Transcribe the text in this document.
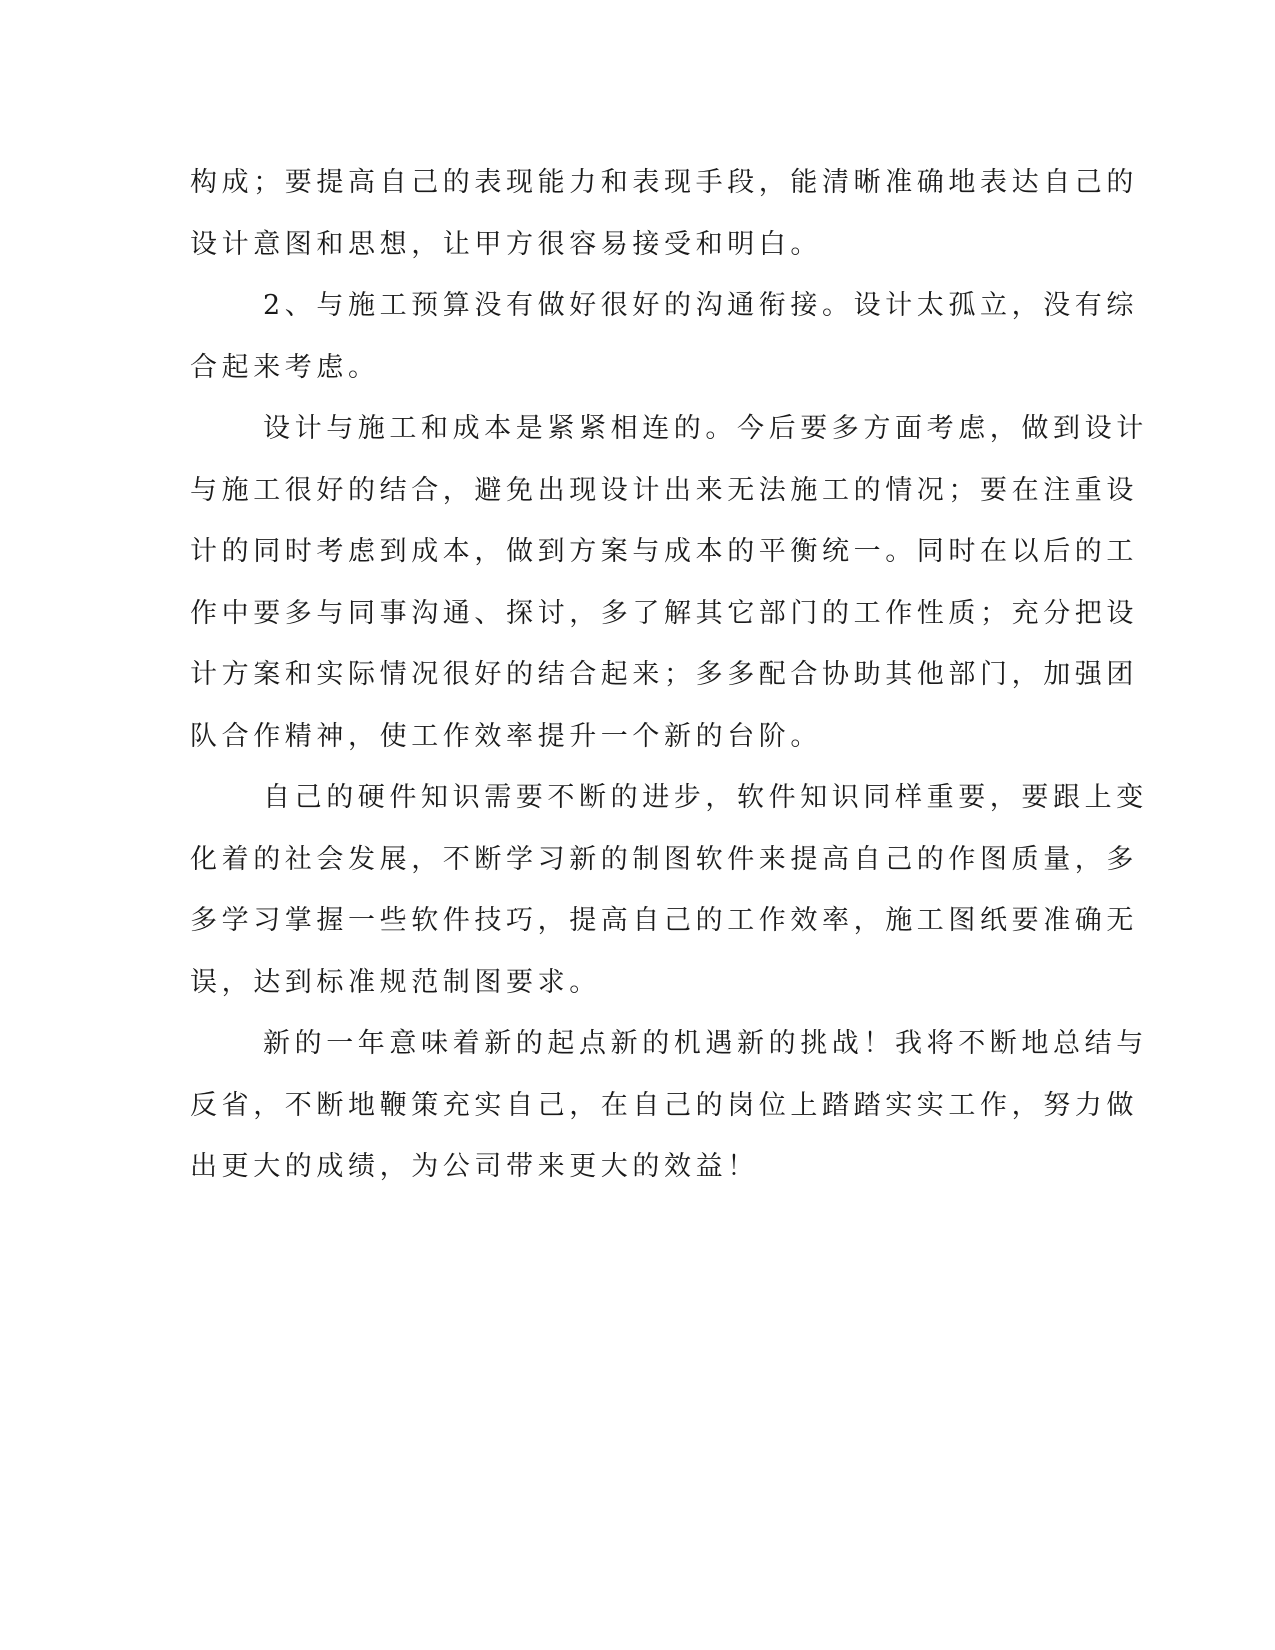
构成；要提高自己的表现能力和表现手段，能清晰准确地表达自己的
设计意图和思想，让甲方很容易接受和明白。
2、与施工预算没有做好很好的沟通衔接。设计太孤立，没有综
合起来考虑。
设计与施工和成本是紧紧相连的。今后要多方面考虑，做到设计
与施工很好的结合，避免出现设计出来无法施工的情况；要在注重设
计的同时考虑到成本，做到方案与成本的平衡统一。同时在以后的工
作中要多与同事沟通、探讨，多了解其它部门的工作性质；充分把设
计方案和实际情况很好的结合起来；多多配合协助其他部门，加强团
队合作精神，使工作效率提升一个新的台阶。
自己的硬件知识需要不断的进步，软件知识同样重要，要跟上变
化着的社会发展，不断学习新的制图软件来提高自己的作图质量，多
多学习掌握一些软件技巧，提高自己的工作效率，施工图纸要准确无
误，达到标准规范制图要求。
新的一年意味着新的起点新的机遇新的挑战！我将不断地总结与
反省，不断地鞭策充实自己，在自己的岗位上踏踏实实工作，努力做
出更大的成绩，为公司带来更大的效益！
